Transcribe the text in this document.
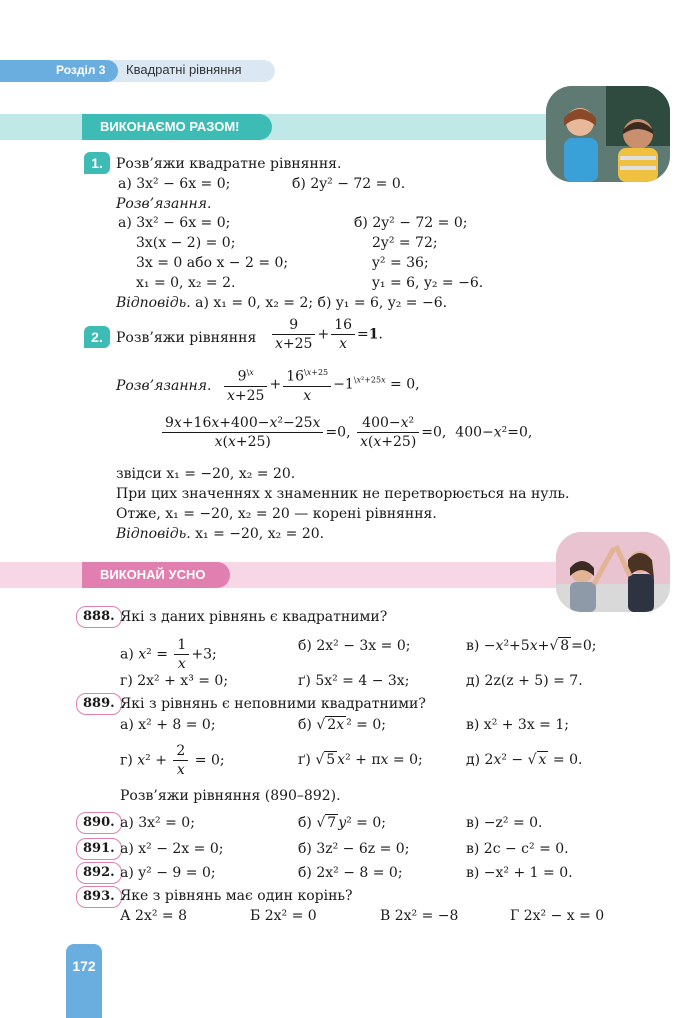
Розділ 3 Квадратні рівняння
ВИКОНАЄМО РАЗОМ!
1. Розв’яжи квадратне рівняння.
а) 3x² − 6x = 0;	б) 2y² − 72 = 0.
Розв’язання.
а) 3x² − 6x = 0;
3x(x − 2) = 0;
3x = 0 або x − 2 = 0;
x₁ = 0, x₂ = 2.
б) 2y² − 72 = 0;
2y² = 72;
y² = 36;
y₁ = 6, y₂ = −6.
Відповідь. а) x₁ = 0, x₂ = 2; б) y₁ = 6, y₂ = −6.
2. Розв’яжи рівняння $\frac{9}{x+25} + \frac{16}{x} =1$.
Розв’язання. $\frac{9^{\backslash x}}{x+25} + \frac{16^{\backslash x+25}}{x} -1^{\backslash x^2+25x} = 0$,
$\frac{\text{9x+16x+400−x²−25x}}{x(x+25)} =0$, $\frac{\text{400−x²}}{x(x+25)} =0$,  400−x²=0,
звідси x₁ = −20, x₂ = 20.
При цих значеннях x знаменник не перетворюється на нуль.
Отже, x₁ = −20, x₂ = 20 — корені рівняння.
Відповідь. x₁ = −20, x₂ = 20.
ВИКОНАЙ УСНО
888. Які з даних рівнянь є квадратними?
а) $x^2 = \frac{1}{x} +3$;
б) 2x² − 3x = 0;	в) −x²+5x+√ 8 =0;
г) 2x² + x³ = 0;	ґ) 5x² = 4 − 3x;	д) 2z(z + 5) = 7.
889. Які з рівнянь є неповними квадратними?
а) x² + 8 = 0;	б) √ 2x ² = 0;	в) x² + 3x = 1;
г) $x^2 + \frac{2}{x} = 0$;	ґ) √ 5 x² + πx = 0;	д) 2x² − √ x = 0.
Розв’яжи рівняння (890–892).
890. а) 3x² = 0;	б) √ 7 y² = 0;	в) −z² = 0.
891. а) x² − 2x = 0;	б) 3z² − 6z = 0;	в) 2c − c² = 0.
892. а) y² − 9 = 0;	б) 2x² − 8 = 0;	в) −x² + 1 = 0.
893. Яке з рівнянь має один корінь?
А 2x² = 8	Б 2x² = 0	В 2x² = −8	Г 2x² − x = 0
172
